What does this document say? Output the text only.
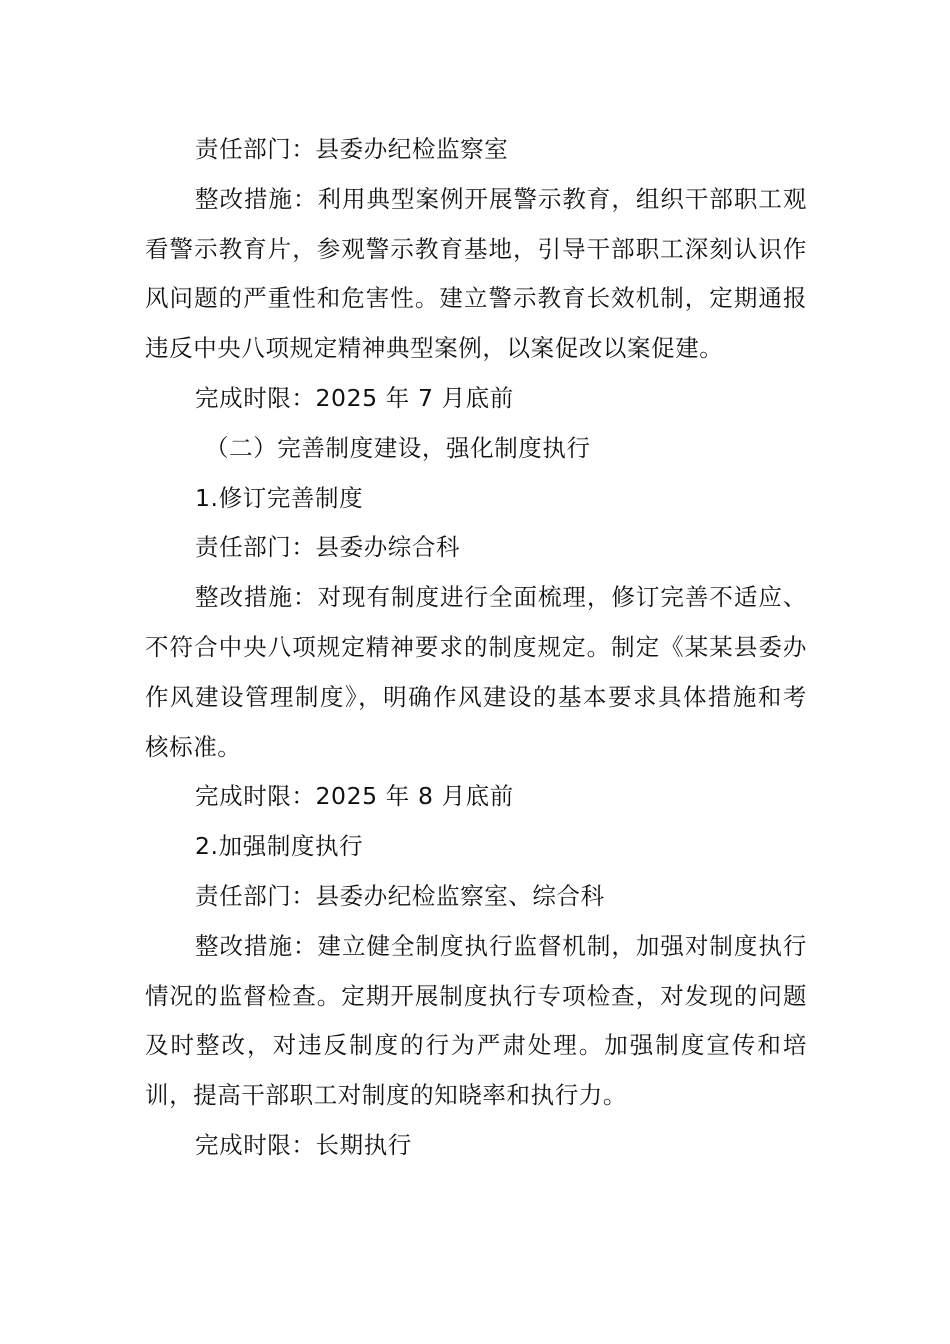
责任部门：县委办纪检监察室

整改措施：利用典型案例开展警示教育，组织干部职工观看警示教育片，参观警示教育基地，引导干部职工深刻认识作风问题的严重性和危害性。建立警示教育长效机制，定期通报违反中央八项规定精神典型案例，以案促改以案促建。

完成时限：2025 年 7 月底前

（二）完善制度建设，强化制度执行

1.修订完善制度

责任部门：县委办综合科

整改措施：对现有制度进行全面梳理，修订完善不适应、不符合中央八项规定精神要求的制度规定。制定《某某县委办作风建设管理制度》，明确作风建设的基本要求具体措施和考核标准。

完成时限：2025 年 8 月底前

2.加强制度执行

责任部门：县委办纪检监察室、综合科

整改措施：建立健全制度执行监督机制，加强对制度执行情况的监督检查。定期开展制度执行专项检查，对发现的问题及时整改，对违反制度的行为严肃处理。加强制度宣传和培训，提高干部职工对制度的知晓率和执行力。

完成时限：长期执行
